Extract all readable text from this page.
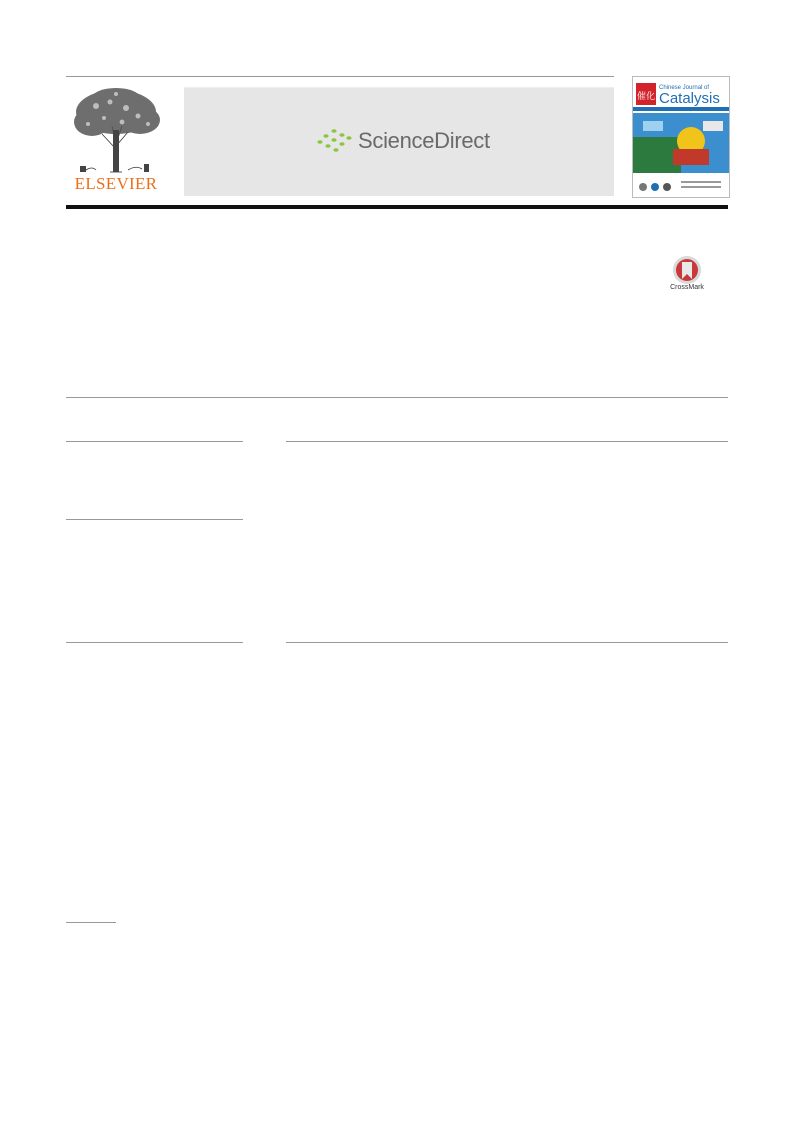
ELSEVIER
ScienceDirect
催化
Chinese Journal of
Catalysis
CrossMark
